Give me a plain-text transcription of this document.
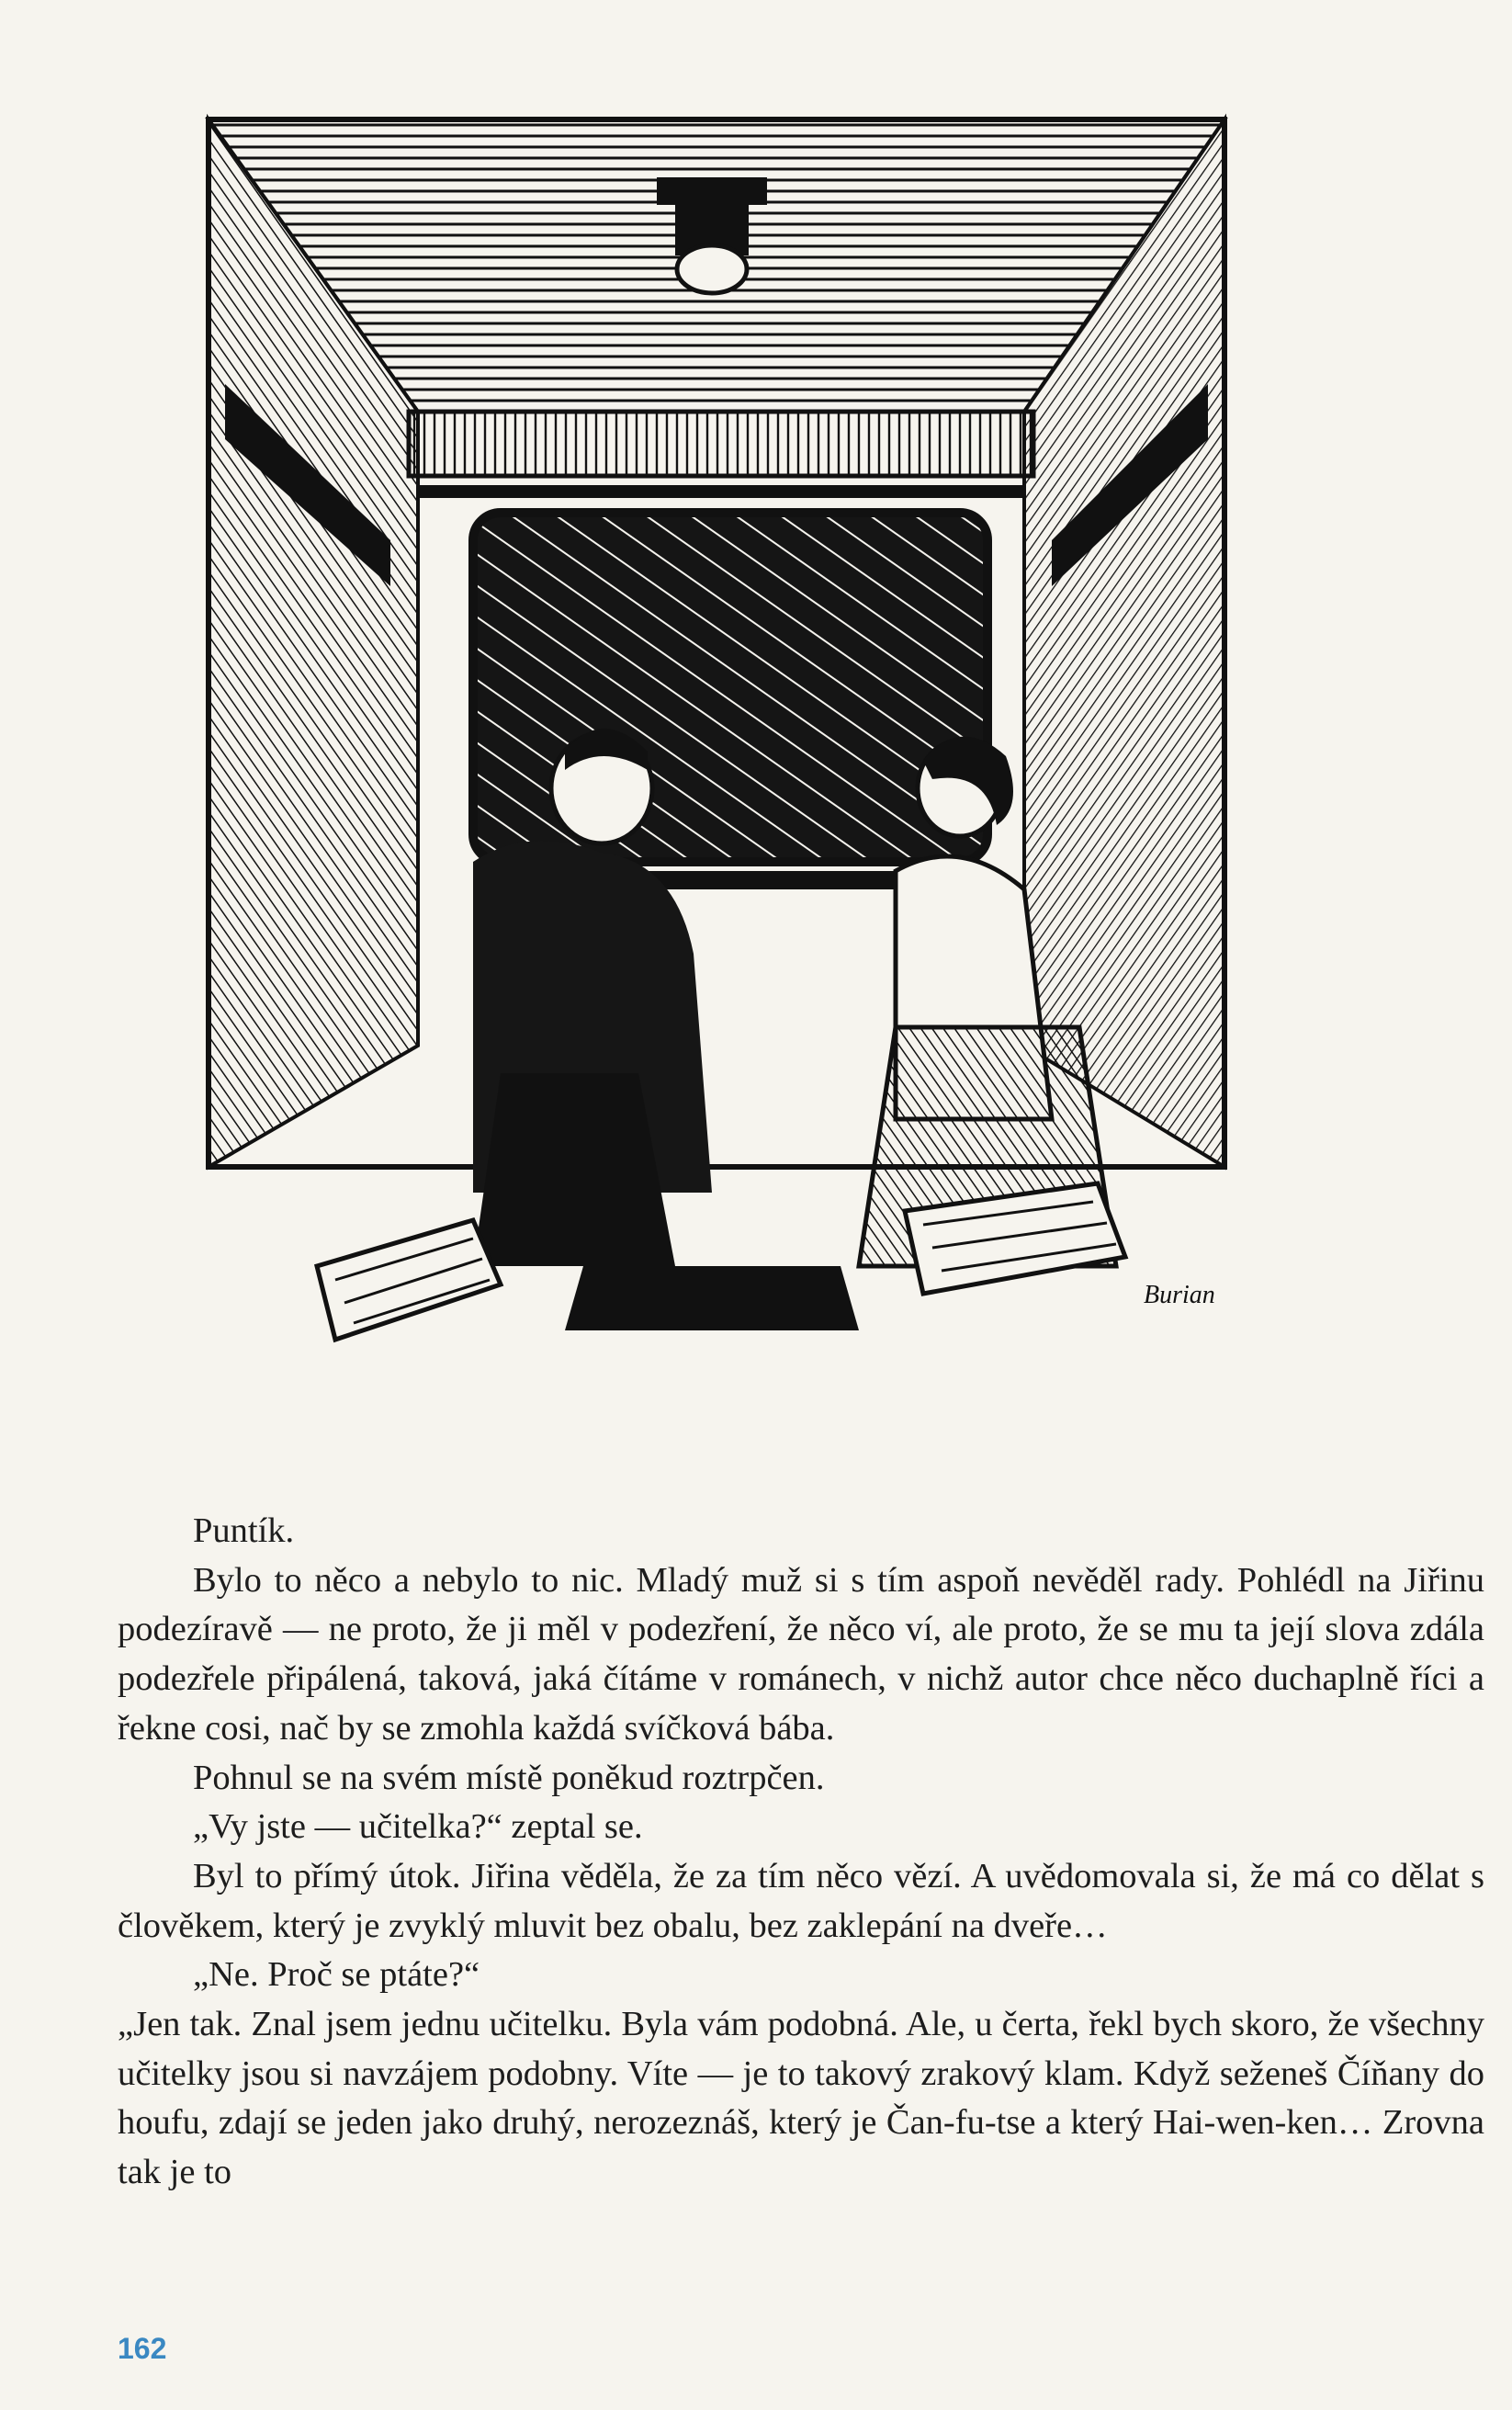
Burian

Puntík.

Bylo to něco a nebylo to nic. Mladý muž si s tím aspoň nevěděl rady. Pohlédl na Jiřinu podezíravě — ne proto, že ji měl v podezření, že něco ví, ale proto, že se mu ta její slova zdála podezřele připálená, taková, jaká čítáme v románech, v nichž autor chce něco duchaplně říci a řekne cosi, nač by se zmohla každá svíčková bába.

Pohnul se na svém místě poněkud roztrpčen.

„Vy jste — učitelka?“ zeptal se.

Byl to přímý útok. Jiřina věděla, že za tím něco vězí. A uvědomovala si, že má co dělat s člověkem, který je zvyklý mluvit bez obalu, bez zaklepání na dveře…

„Ne. Proč se ptáte?“

„Jen tak. Znal jsem jednu učitelku. Byla vám podobná. Ale, u čerta, řekl bych skoro, že všechny učitelky jsou si navzájem podobny. Víte — je to takový zrakový klam. Když seženeš Číňany do houfu, zdají se jeden jako druhý, nerozeznáš, který je Čan-fu-tse a který Hai-wen-ken… Zrovna tak je to

162
